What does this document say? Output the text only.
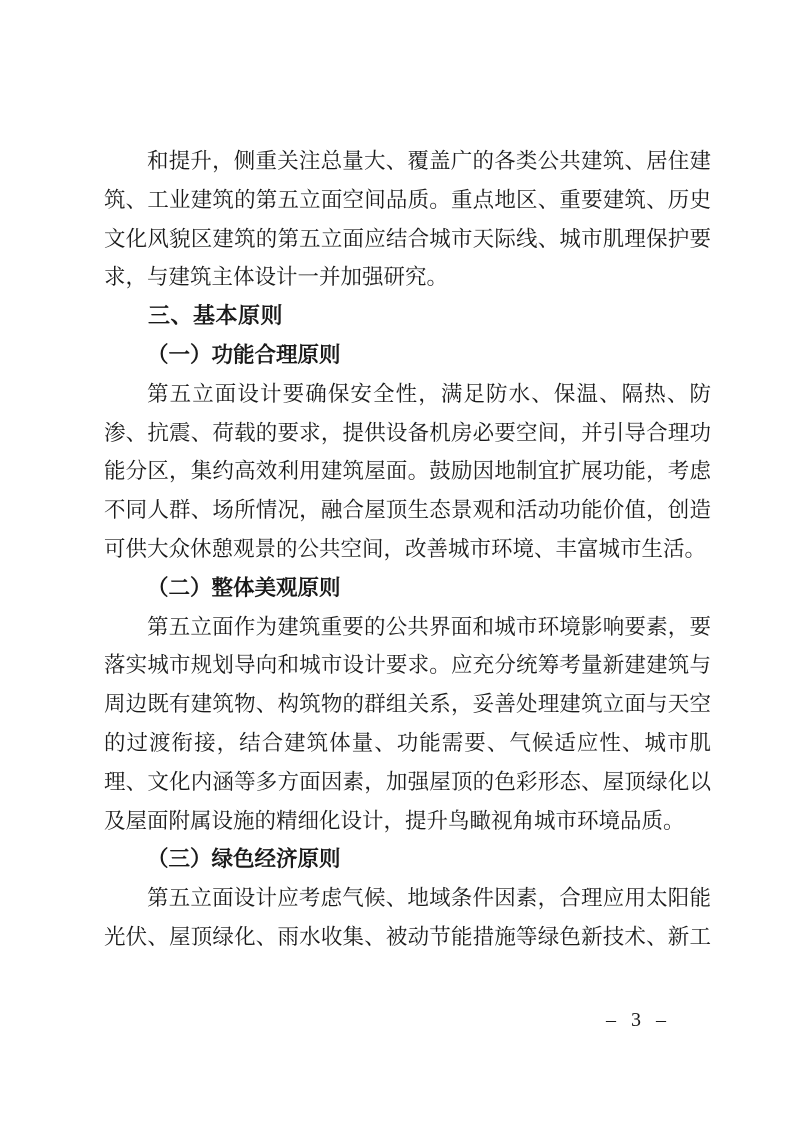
和提升，侧重关注总量大、覆盖广的各类公共建筑、居住建筑、工业建筑的第五立面空间品质。重点地区、重要建筑、历史文化风貌区建筑的第五立面应结合城市天际线、城市肌理保护要求，与建筑主体设计一并加强研究。

三、基本原则
（一）功能合理原则

第五立面设计要确保安全性，满足防水、保温、隔热、防渗、抗震、荷载的要求，提供设备机房必要空间，并引导合理功能分区，集约高效利用建筑屋面。鼓励因地制宜扩展功能，考虑不同人群、场所情况，融合屋顶生态景观和活动功能价值，创造可供大众休憩观景的公共空间，改善城市环境、丰富城市生活。

（二）整体美观原则

第五立面作为建筑重要的公共界面和城市环境影响要素，要落实城市规划导向和城市设计要求。应充分统筹考量新建建筑与周边既有建筑物、构筑物的群组关系，妥善处理建筑立面与天空的过渡衔接，结合建筑体量、功能需要、气候适应性、城市肌理、文化内涵等多方面因素，加强屋顶的色彩形态、屋顶绿化以及屋面附属设施的精细化设计，提升鸟瞰视角城市环境品质。

（三）绿色经济原则

第五立面设计应考虑气候、地域条件因素，合理应用太阳能光伏、屋顶绿化、雨水收集、被动节能措施等绿色新技术、新工

– 3 –
